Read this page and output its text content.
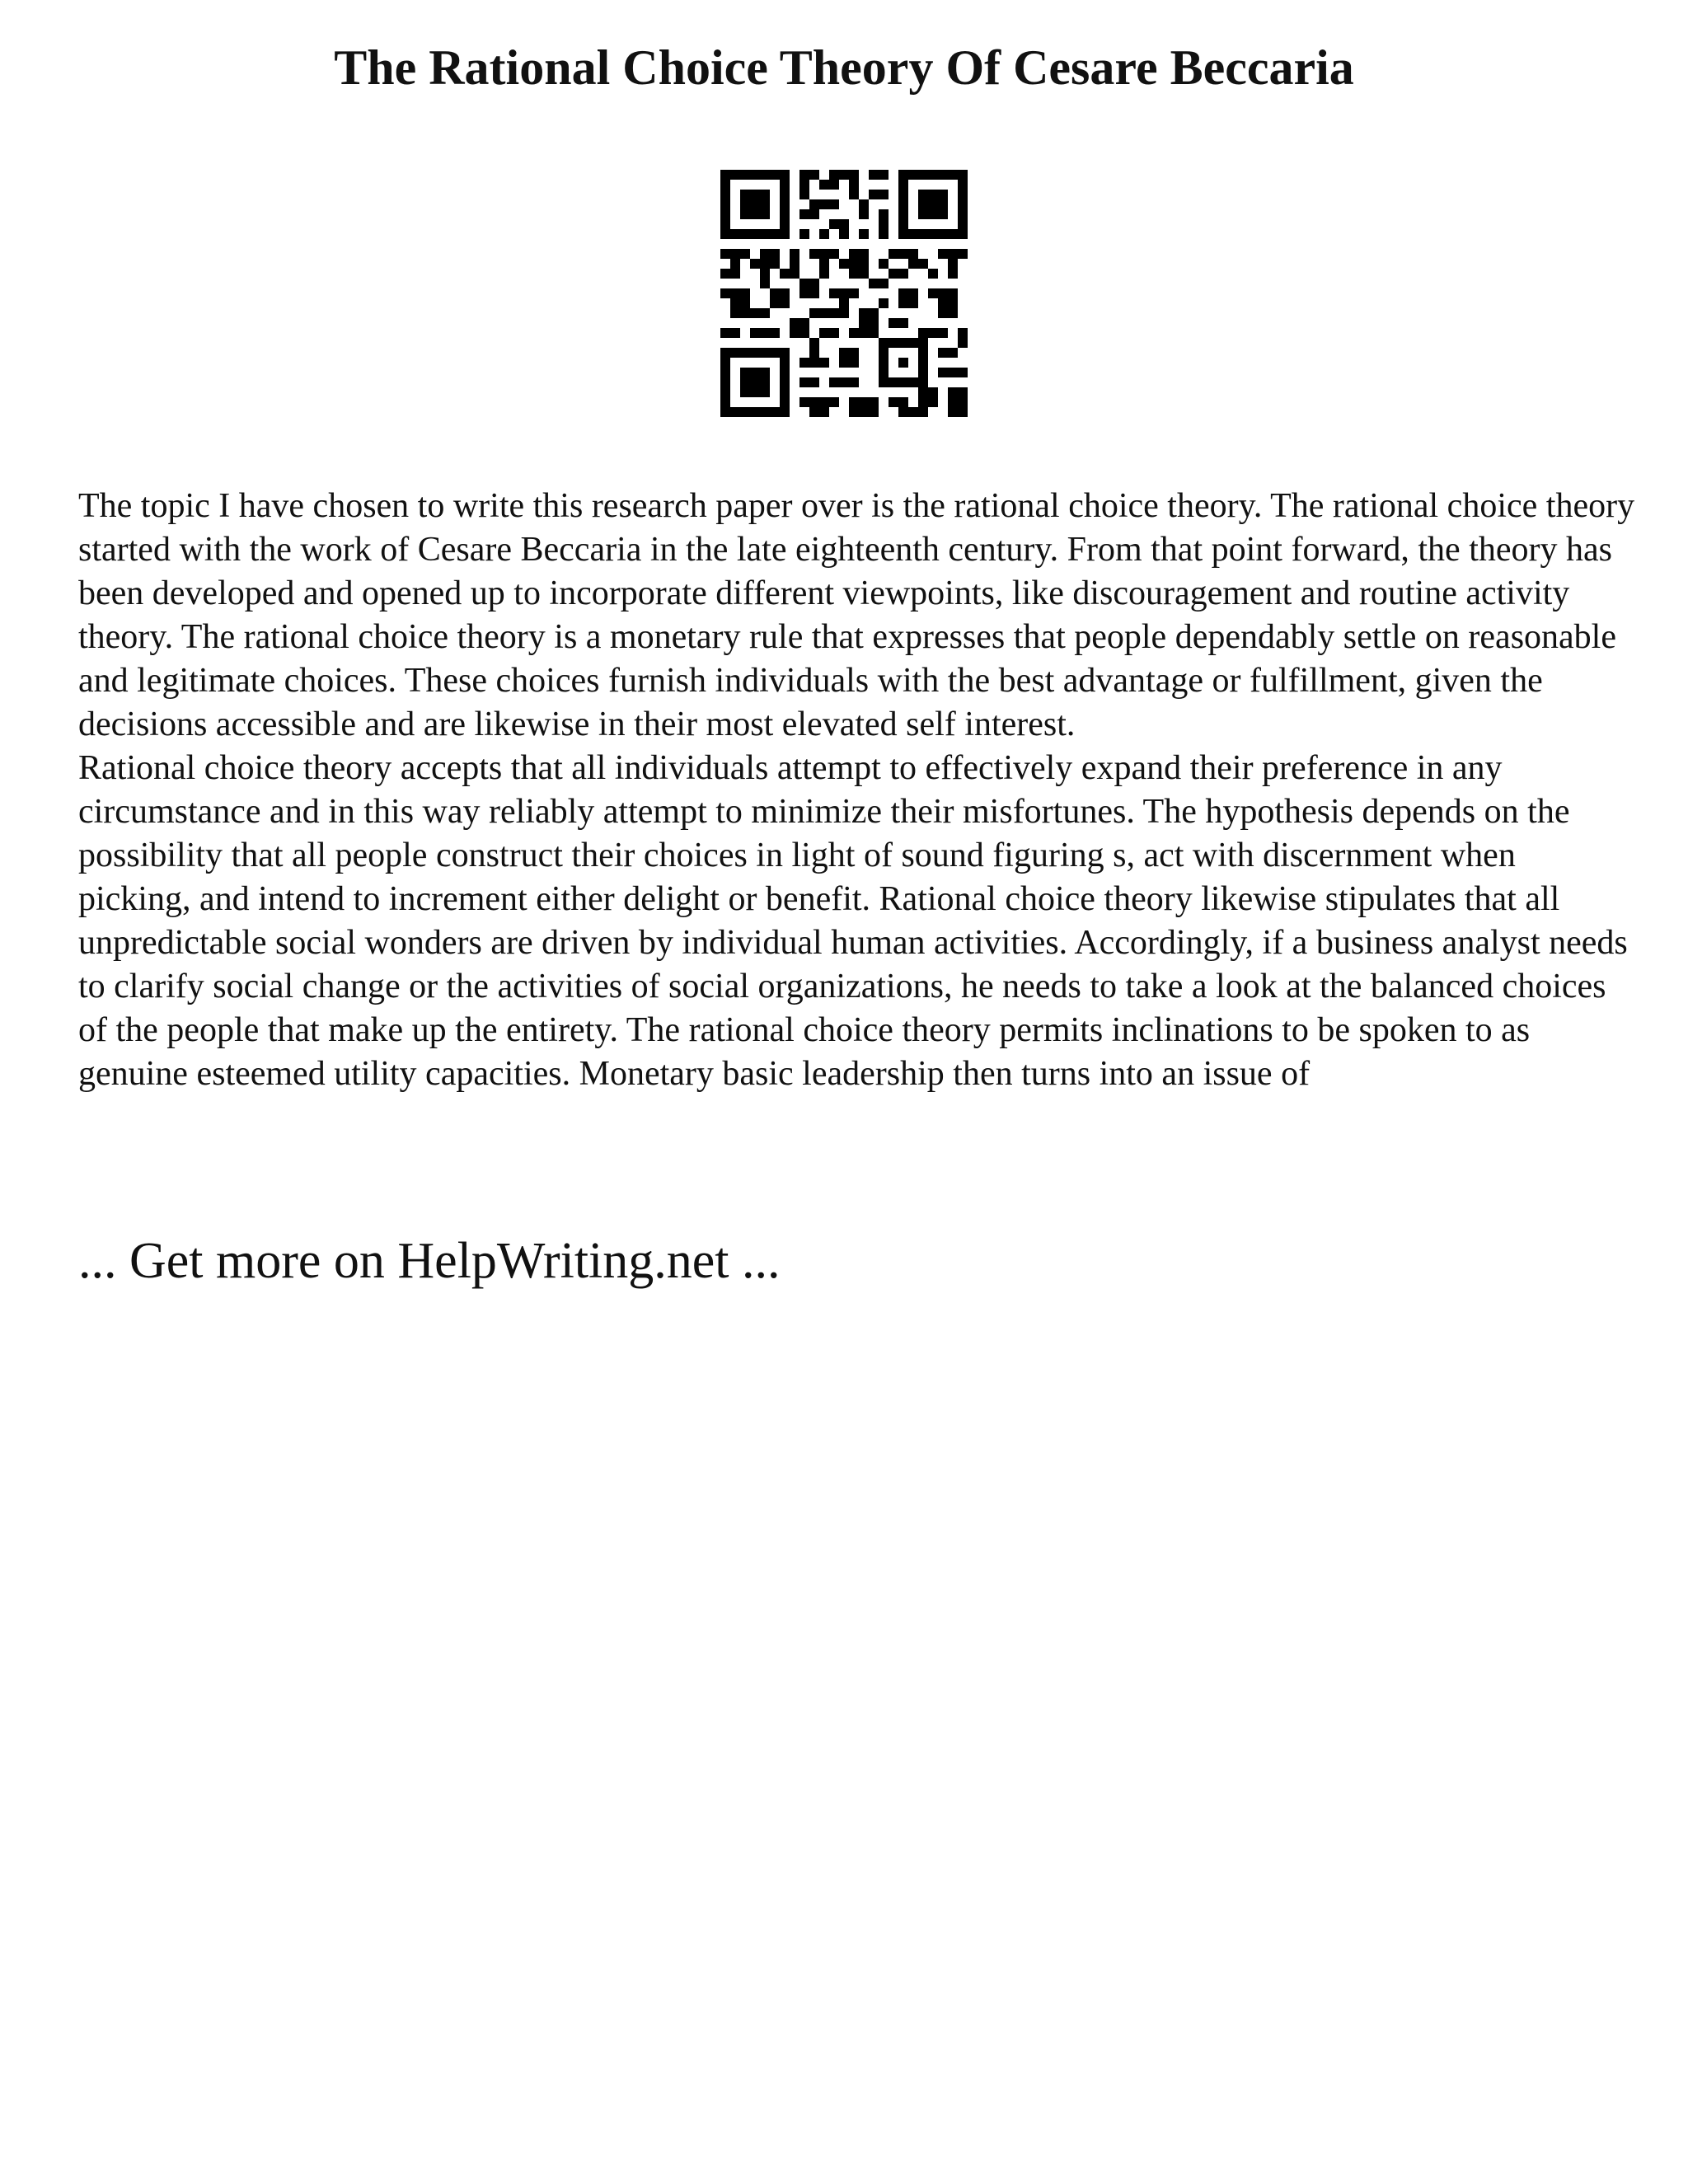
The Rational Choice Theory Of Cesare Beccaria

The topic I have chosen to write this research paper over is the rational choice theory. The rational choice theory started with the work of Cesare Beccaria in the late eighteenth century. From that point forward, the theory has been developed and opened up to incorporate different viewpoints, like discouragement and routine activity theory. The rational choice theory is a monetary rule that expresses that people dependably settle on reasonable and legitimate choices. These choices furnish individuals with the best advantage or fulfillment, given the decisions accessible and are likewise in their most elevated self interest.

Rational choice theory accepts that all individuals attempt to effectively expand their preference in any circumstance and in this way reliably attempt to minimize their misfortunes. The hypothesis depends on the possibility that all people construct their choices in light of sound figuring s, act with discernment when picking, and intend to increment either delight or benefit. Rational choice theory likewise stipulates that all unpredictable social wonders are driven by individual human activities. Accordingly, if a business analyst needs to clarify social change or the activities of social organizations, he needs to take a look at the balanced choices of the people that make up the entirety. The rational choice theory permits inclinations to be spoken to as genuine esteemed utility capacities. Monetary basic leadership then turns into an issue of

... Get more on HelpWriting.net ...
